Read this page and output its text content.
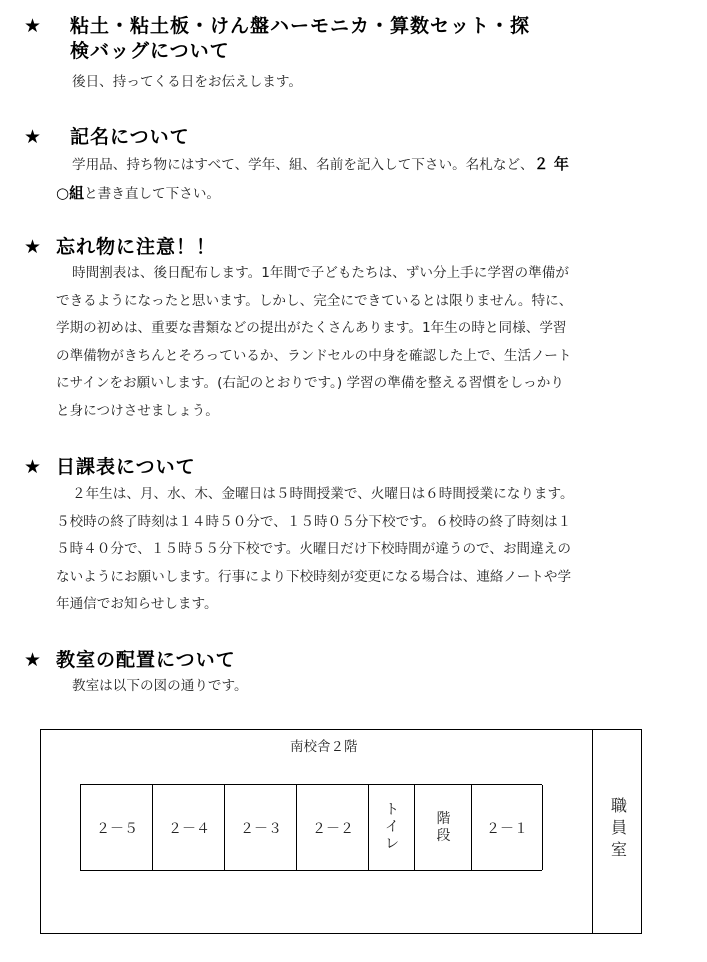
★ 粘土・粘土板・けん盤ハーモニカ・算数セット・探
検バッグについて

後日、持ってくる日をお伝えします。

★ 記名について

学用品、持ち物にはすべて、学年、組、名前を記入して下さい。名札など、２ 年
○組と書き直して下さい。

★ 忘れ物に注意！！

時間割表は、後日配布します。1年間で子どもたちは、ずい分上手に学習の準備が
できるようになったと思います。しかし、完全にできているとは限りません。特に、
学期の初めは、重要な書類などの提出がたくさんあります。1年生の時と同様、学習
の準備物がきちんとそろっているか、ランドセルの中身を確認した上で、生活ノート
にサインをお願いします。(右記のとおりです。) 学習の準備を整える習慣をしっかり
と身につけさせましょう。

★ 日課表について

２年生は、月、水、木、金曜日は５時間授業で、火曜日は６時間授業になります。
５校時の終了時刻は１４時５０分で、１５時０５分下校です。６校時の終了時刻は１
５時４０分で、１５時５５分下校です。火曜日だけ下校時間が違うので、お間違えの
ないようにお願いします。行事により下校時刻が変更になる場合は、連絡ノートや学
年通信でお知らせします。

★ 教室の配置について

教室は以下の図の通りです。

南校舎２階
職
員
室
２－５	２－４	２－３	２－２
ト
イ
レ
階
段	２－１
